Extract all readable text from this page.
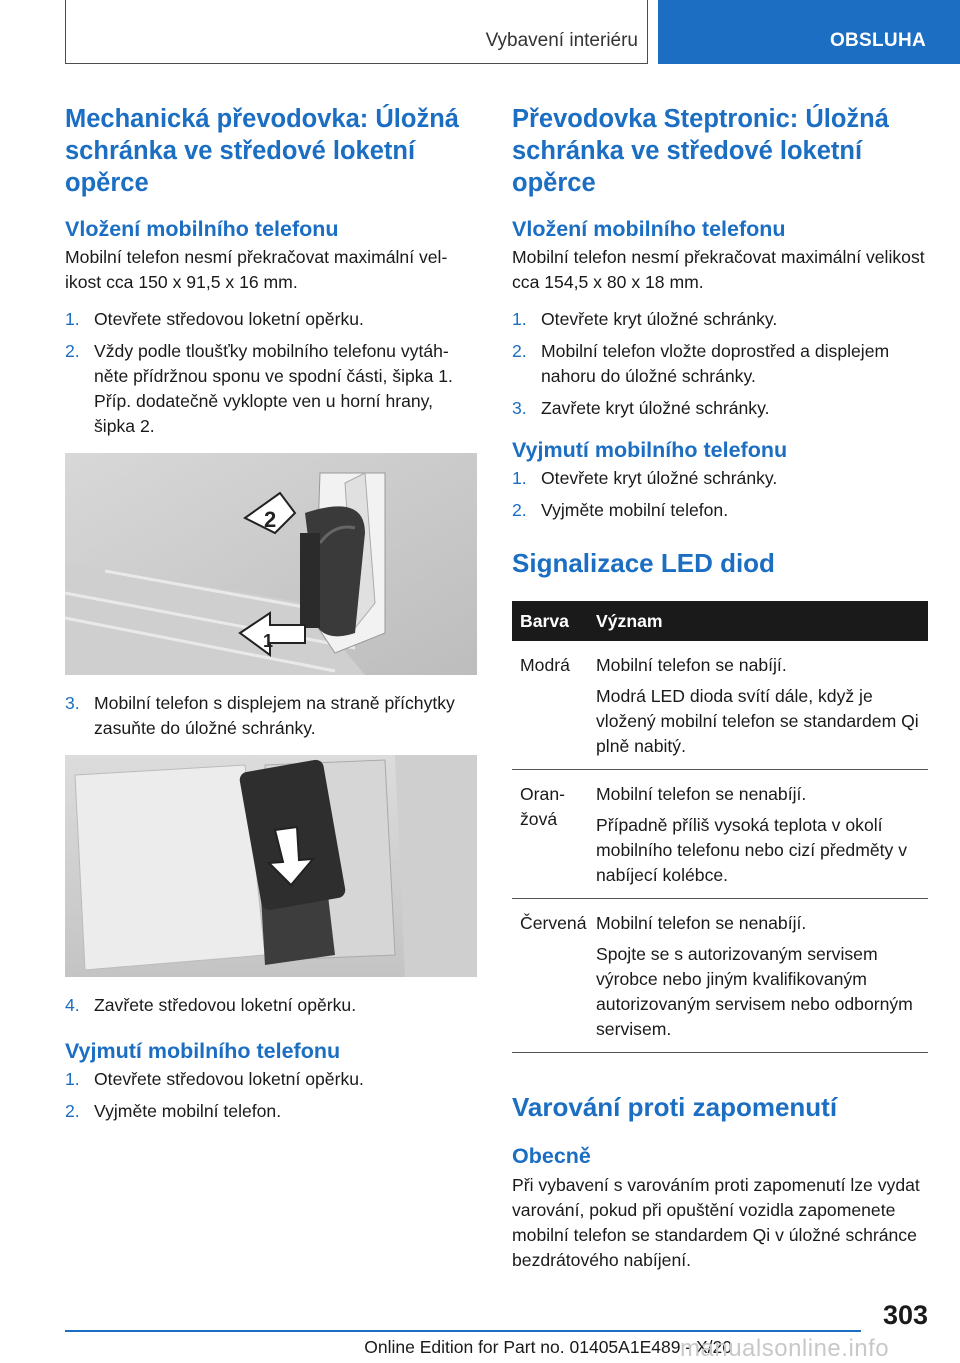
Vybavení interiéru	OBSLUHA
Mechanická převodovka: Úložná schránka ve středové loketní opěrce
Vložení mobilního telefonu

Mobilní telefon nesmí překračovat maximální velikost cca 150 x 91,5 x 16 mm.

1. Otevřete středovou loketní opěrku.
2. Vždy podle tloušťky mobilního telefonu vytáhněte přídržnou sponu ve spodní části, šipka 1. Příp. dodatečně vyklopte ven u horní hrany, šipka 2.
2
1
3. Mobilní telefon s displejem na straně příchytky zasuňte do úložné schránky.
4. Zavřete středovou loketní opěrku.
Vyjmutí mobilního telefonu
1. Otevřete středovou loketní opěrku.
2. Vyjměte mobilní telefon.
Převodovka Steptronic: Úložná schránka ve středové loketní opěrce
Vložení mobilního telefonu

Mobilní telefon nesmí překračovat maximální velikost cca 154,5 x 80 x 18 mm.

1. Otevřete kryt úložné schránky.
2. Mobilní telefon vložte doprostřed a displejem nahoru do úložné schránky.
3. Zavřete kryt úložné schránky.
Vyjmutí mobilního telefonu
1. Otevřete kryt úložné schránky.
2. Vyjměte mobilní telefon.
Signalizace LED diod
Barva	Význam
Modrá	Mobilní telefon se nabíjí.
Modrá LED dioda svítí dále, když je vložený mobilní telefon se standardem Qi plně nabitý.

Oranžová	Mobilní telefon se nenabíjí.
Případně příliš vysoká teplota v okolí mobilního telefonu nebo cizí předměty v nabíjecí kolébce.

Červená	Mobilní telefon se nenabíjí.
Spojte se s autorizovaným servisem výrobce nebo jiným kvalifikovaným autorizovaným servisem nebo odborným servisem.
Varování proti zapomenutí
Obecně

Při vybavení s varováním proti zapomenutí lze vydat varování, pokud při opuštění vozidla zapomenete mobilní telefon se standardem Qi v úložné schránce bezdrátového nabíjení.

303
Online Edition for Part no. 01405A1E489 - X/20
manualsonline.info
